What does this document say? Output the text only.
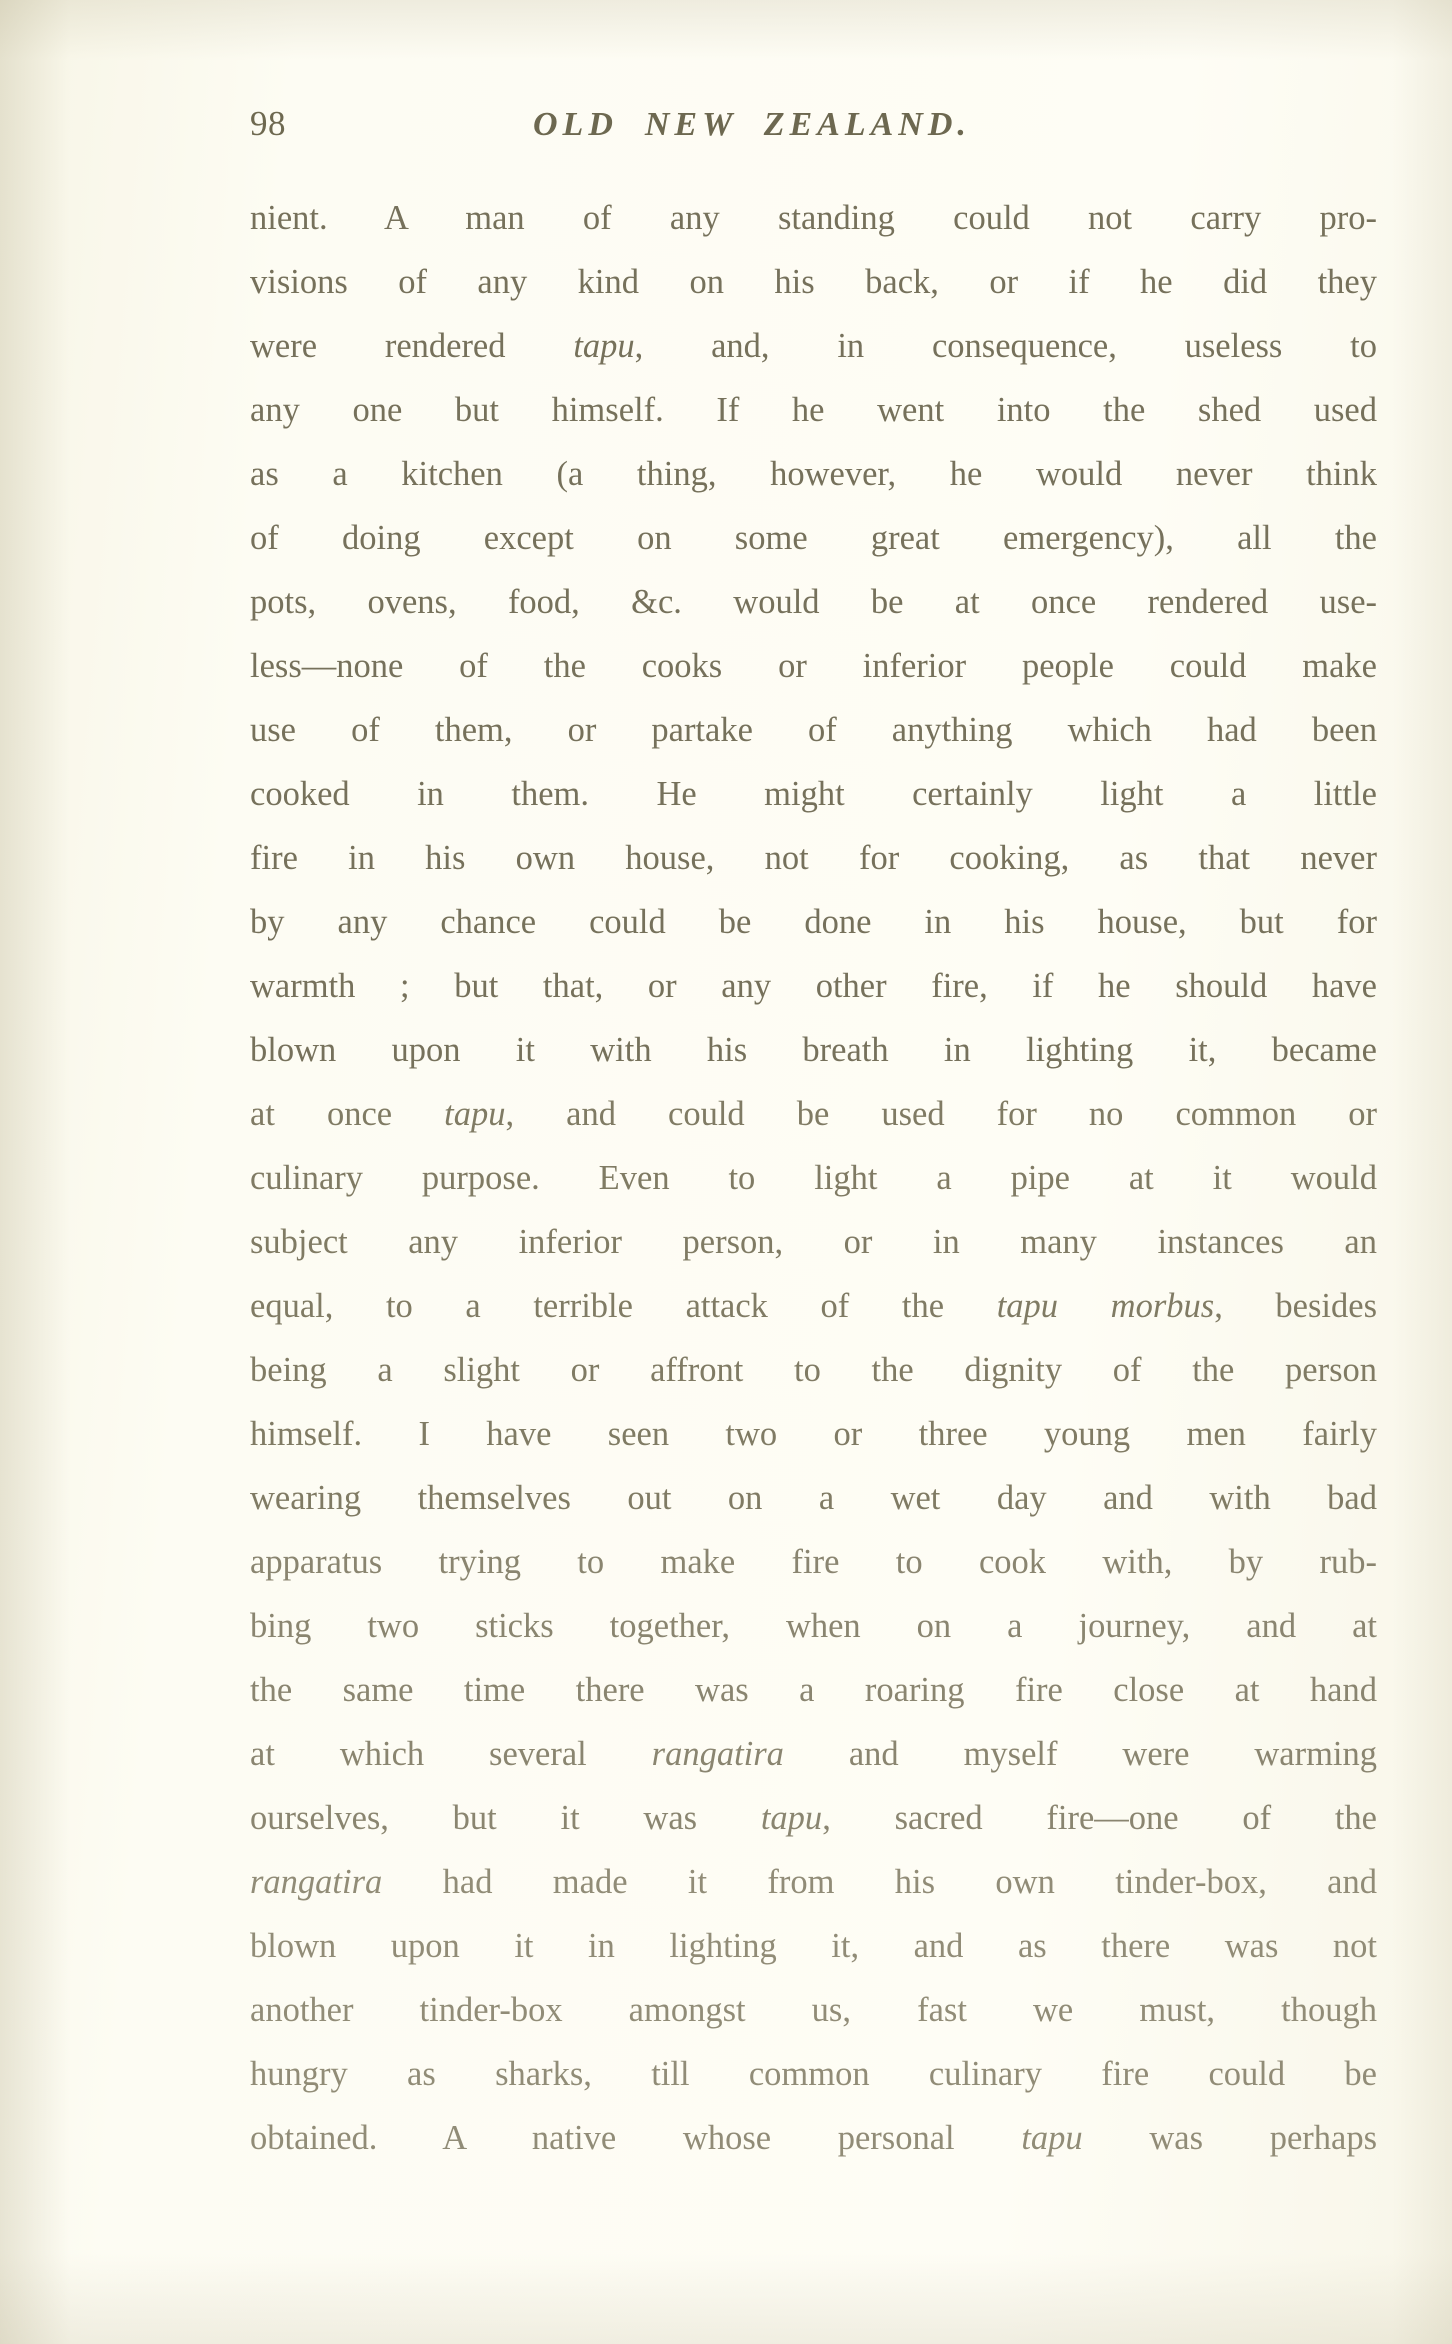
98	OLD  NEW  ZEALAND.
nient. A man of any standing could not carry pro-
visions of any kind on his back, or if he did they
were rendered tapu, and, in consequence, useless to
any one but himself. If he went into the shed used
as a kitchen (a thing, however, he would never think
of doing except on some great emergency), all the
pots, ovens, food, &c. would be at once rendered use-
less—none of the cooks or inferior people could make
use of them, or partake of anything which had been
cooked in them. He might certainly light a little
fire in his own house, not for cooking, as that never
by any chance could be done in his house, but for
warmth ; but that, or any other fire, if he should have
blown upon it with his breath in lighting it, became
at once tapu, and could be used for no common or
culinary purpose. Even to light a pipe at it would
subject any inferior person, or in many instances an
equal, to a terrible attack of the tapu morbus, besides
being a slight or affront to the dignity of the person
himself. I have seen two or three young men fairly
wearing themselves out on a wet day and with bad
apparatus trying to make fire to cook with, by rub-
bing two sticks together, when on a journey, and at
the same time there was a roaring fire close at hand
at which several rangatira and myself were warming
ourselves, but it was tapu, sacred fire—one of the
rangatira had made it from his own tinder-box, and
blown upon it in lighting it, and as there was not
another tinder-box amongst us, fast we must, though
hungry as sharks, till common culinary fire could be
obtained. A native whose personal tapu was perhaps
